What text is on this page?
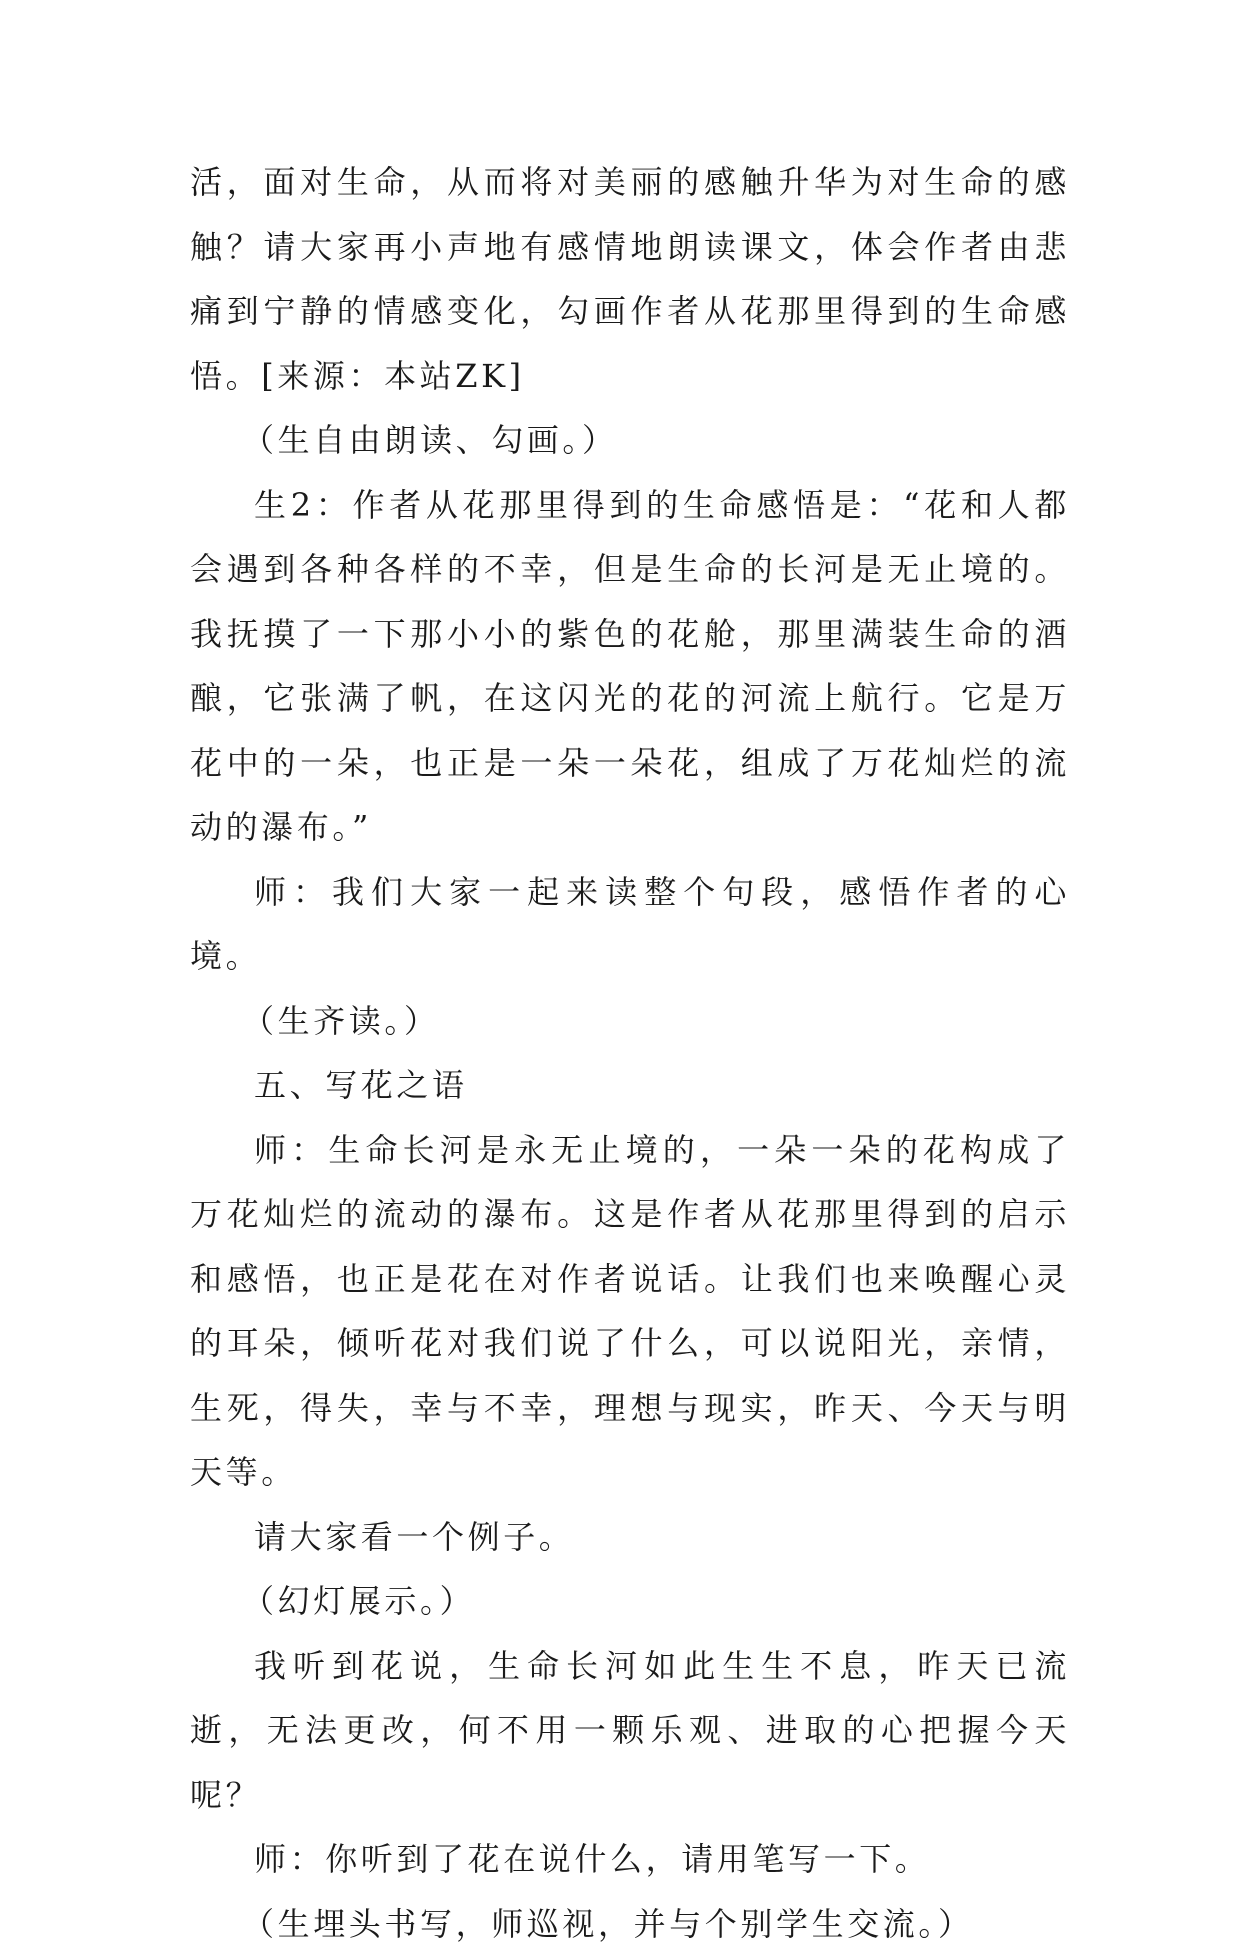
活，面对生命，从而将对美丽的感触升华为对生命的感触？请大家再小声地有感情地朗读课文，体会作者由悲痛到宁静的情感变化，勾画作者从花那里得到的生命感悟。[来源：本站ZK]

（生自由朗读、勾画。）

生2：作者从花那里得到的生命感悟是：“花和人都会遇到各种各样的不幸，但是生命的长河是无止境的。我抚摸了一下那小小的紫色的花舱，那里满装生命的酒酿，它张满了帆，在这闪光的花的河流上航行。它是万花中的一朵，也正是一朵一朵花，组成了万花灿烂的流动的瀑布。”

师：我们大家一起来读整个句段，感悟作者的心境。

（生齐读。）

五、写花之语

师：生命长河是永无止境的，一朵一朵的花构成了万花灿烂的流动的瀑布。这是作者从花那里得到的启示和感悟，也正是花在对作者说话。让我们也来唤醒心灵的耳朵，倾听花对我们说了什么，可以说阳光，亲情，生死，得失，幸与不幸，理想与现实，昨天、今天与明天等。

请大家看一个例子。

（幻灯展示。）

我听到花说，生命长河如此生生不息，昨天已流逝，无法更改，何不用一颗乐观、进取的心把握今天呢？

师：你听到了花在说什么，请用笔写一下。

（生埋头书写，师巡视，并与个别学生交流。）
